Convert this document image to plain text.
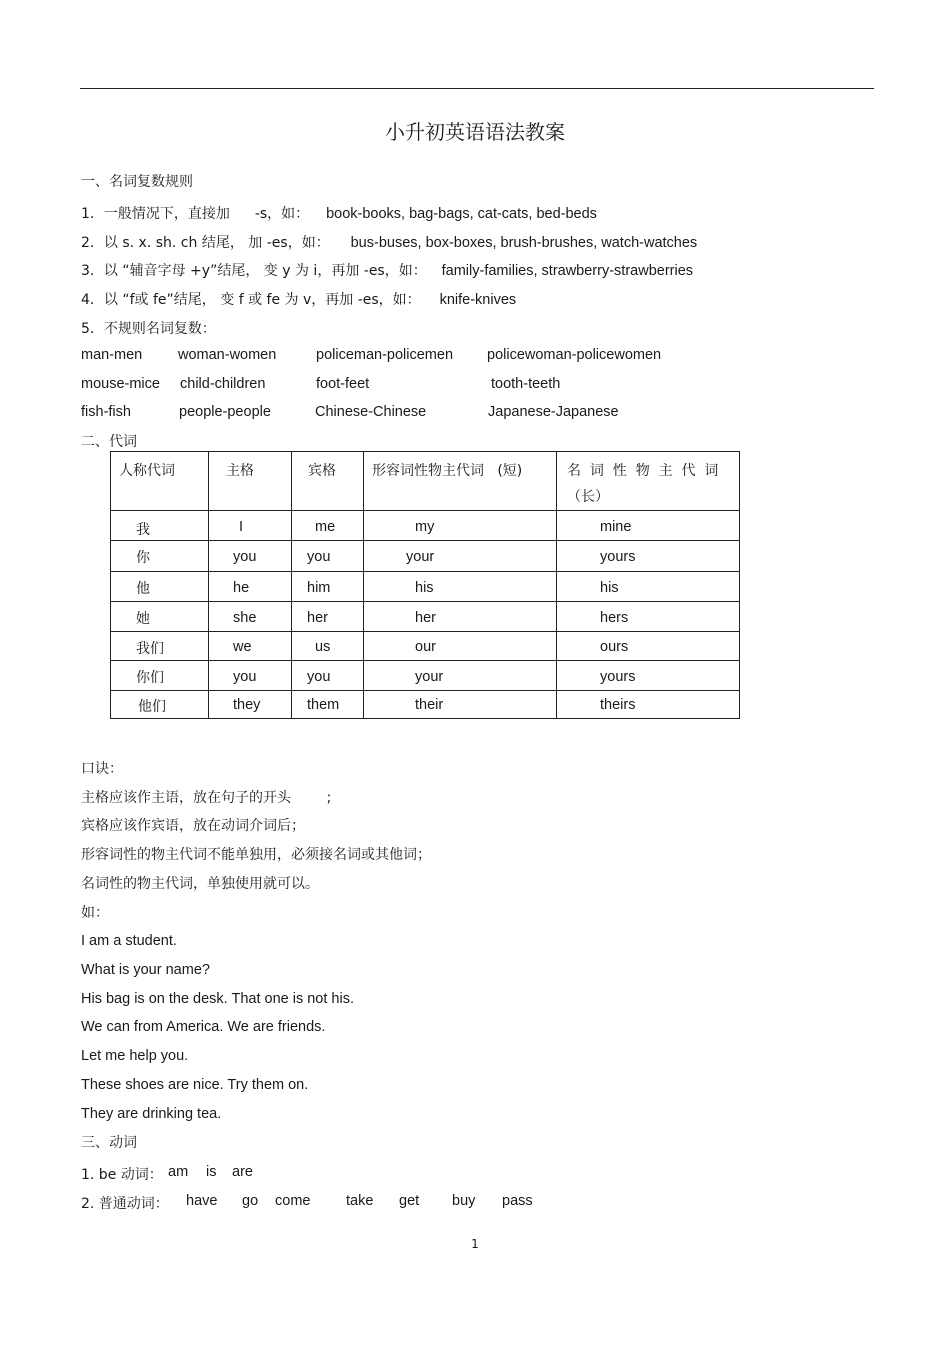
小升初英语语法教案
一、名词复数规则
1．一般情况下，直接加 -s，如： book-books, bag-bags, cat-cats, bed-beds
2．以 s. x. sh. ch 结尾， 加 -es，如： bus-buses, box-boxes, brush-brushes, watch-watches
3．以 “辅音字母 +y”结尾， 变 y 为 i，再加 -es，如： family-families, strawberry-strawberries
4．以 “f或 fe”结尾， 变 f 或 fe 为 v，再加 -es，如： knife-knives
5．不规则名词复数：
man-men woman-women	policeman-policemen policewoman-policewomen
mouse-mice child-children	foot-feet	tooth-teeth
fish-fish	people-people	Chinese-Chinese	Japanese-Japanese
二、代词
人称代词	主格	宾格	形容词性物主代词   (短)	名  词  性  物  主  代  词
（长）

我	I	me	my	mine

你	you	you	your	yours

他	he	him	his	his

她	she	her	her	hers

我们	we	us	our	ours

你们	you	you	your	yours

他们	they	them	their	theirs
口诀：
主格应该作主语，放在句子的开头        ;
宾格应该作宾语，放在动词介词后；
形容词性的物主代词不能单独用，必须接名词或其他词；
名词性的物主代词，单独使用就可以。
如：
I am a student.
What is your name?
His bag is on the desk. That one is not his.
We can from America. We are friends.
Let me help you.
These shoes are nice. Try them on.
They are drinking tea.
三、动词
1. be 动词： am is are
2. 普通动词： have go come take get buy pass
1
